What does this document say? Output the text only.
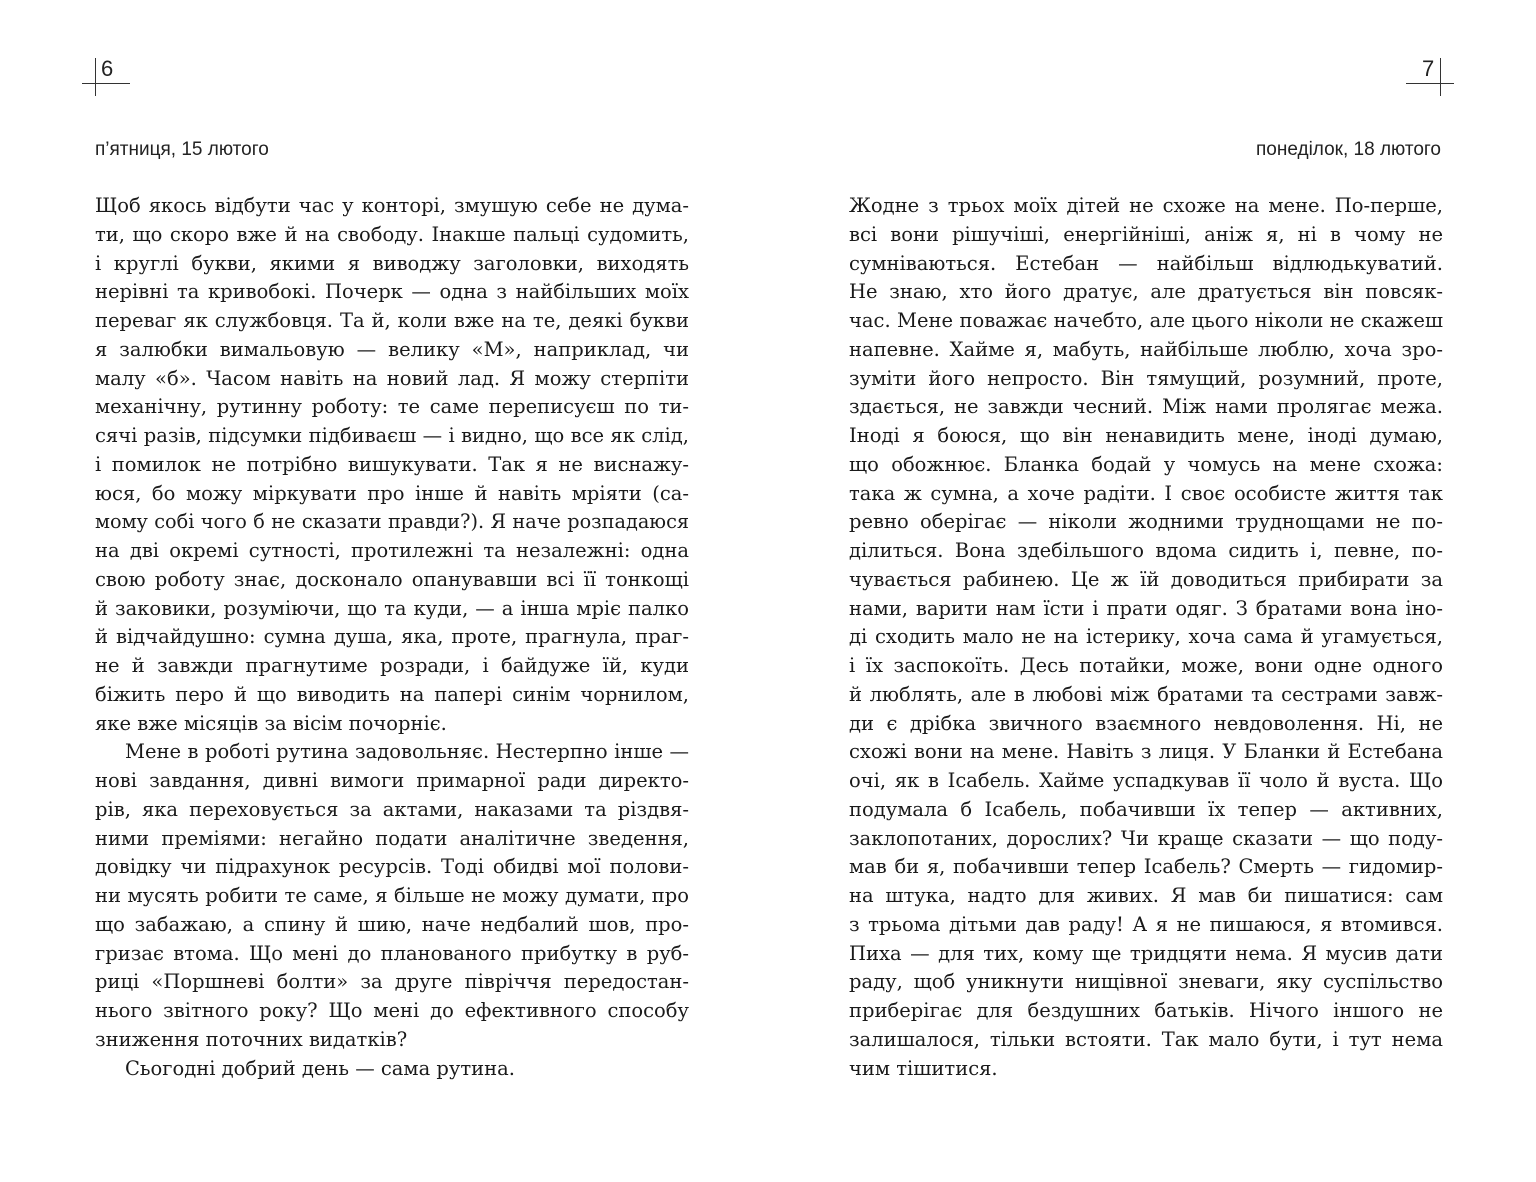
6
п’ятниця, 15 лютого
Щоб якось відбути час у конторі, змушую себе не дума-
ти, що скоро вже й на свободу. Інакше пальці судомить,
і круглі букви, якими я виводжу заголовки, виходять
нерівні та кривобокі. Почерк — одна з найбільших моїх
переваг як службовця. Та й, коли вже на те, деякі букви
я залюбки вимальовую — велику «М», наприклад, чи
малу «б». Часом навіть на новий лад. Я можу стерпіти
механічну, рутинну роботу: те саме переписуєш по ти-
сячі разів, підсумки підбиваєш — і видно, що все як слід,
і помилок не потрібно вишукувати. Так я не виснажу-
юся, бо можу міркувати про інше й навіть мріяти (са-
мому собі чого б не сказати правди?). Я наче розпадаюся
на дві окремі сутності, протилежні та незалежні: одна
свою роботу знає, досконало опанувавши всі її тонкощі
й заковики, розуміючи, що та куди, — а інша мріє палко
й відчайдушно: сумна душа, яка, проте, прагнула, праг-
не й завжди прагнутиме розради, і байдуже їй, куди
біжить перо й що виводить на папері синім чорнилом,
яке вже місяців за вісім почорніє.
Мене в роботі рутина задовольняє. Нестерпно інше —
нові завдання, дивні вимоги примарної ради директо-
рів, яка переховується за актами, наказами та різдвя-
ними преміями: негайно подати аналітичне зведення,
довідку чи підрахунок ресурсів. Тоді обидві мої полови-
ни мусять робити те саме, я більше не можу думати, про
що забажаю, а спину й шию, наче недбалий шов, про-
гризає втома. Що мені до планованого прибутку в руб-
риці «Поршневі болти» за друге півріччя передостан-
нього звітного року? Що мені до ефективного способу
зниження поточних видатків?
Сьогодні добрий день — сама рутина.
7
понеділок, 18 лютого
Жодне з трьох моїх дітей не схоже на мене. По-перше,
всі вони рішучіші, енергійніші, аніж я, ні в чому не
сумніваються. Естебан — найбільш відлюдькуватий.
Не знаю, хто його дратує, але дратується він повсяк-
час. Мене поважає начебто, але цього ніколи не скажеш
напевне. Хайме я, мабуть, найбільше люблю, хоча зро-
зуміти його непросто. Він тямущий, розумний, проте,
здається, не завжди чесний. Між нами пролягає межа.
Іноді я боюся, що він ненавидить мене, іноді думаю,
що обожнює. Бланка бодай у чомусь на мене схожа:
така ж сумна, а хоче радіти. І своє особисте життя так
ревно оберігає — ніколи жодними труднощами не по-
ділиться. Вона здебільшого вдома сидить і, певне, по-
чувається рабинею. Це ж їй доводиться прибирати за
нами, варити нам їсти і прати одяг. З братами вона іно-
ді сходить мало не на істерику, хоча сама й угамується,
і їх заспокоїть. Десь потайки, може, вони одне одного
й люблять, але в любові між братами та сестрами завж-
ди є дрібка звичного взаємного невдоволення. Ні, не
схожі вони на мене. Навіть з лиця. У Бланки й Естебана
очі, як в Ісабель. Хайме успадкував її чоло й вуста. Що
подумала б Ісабель, побачивши їх тепер — активних,
заклопотаних, дорослих? Чи краще сказати — що поду-
мав би я, побачивши тепер Ісабель? Смерть — гидомир-
на штука, надто для живих. Я мав би пишатися: сам
з трьома дітьми дав раду! А я не пишаюся, я втомився.
Пиха — для тих, кому ще тридцяти нема. Я мусив дати
раду, щоб уникнути нищівної зневаги, яку суспільство
приберігає для бездушних батьків. Нічого іншого не
залишалося, тільки встояти. Так мало бути, і тут нема
чим тішитися.
